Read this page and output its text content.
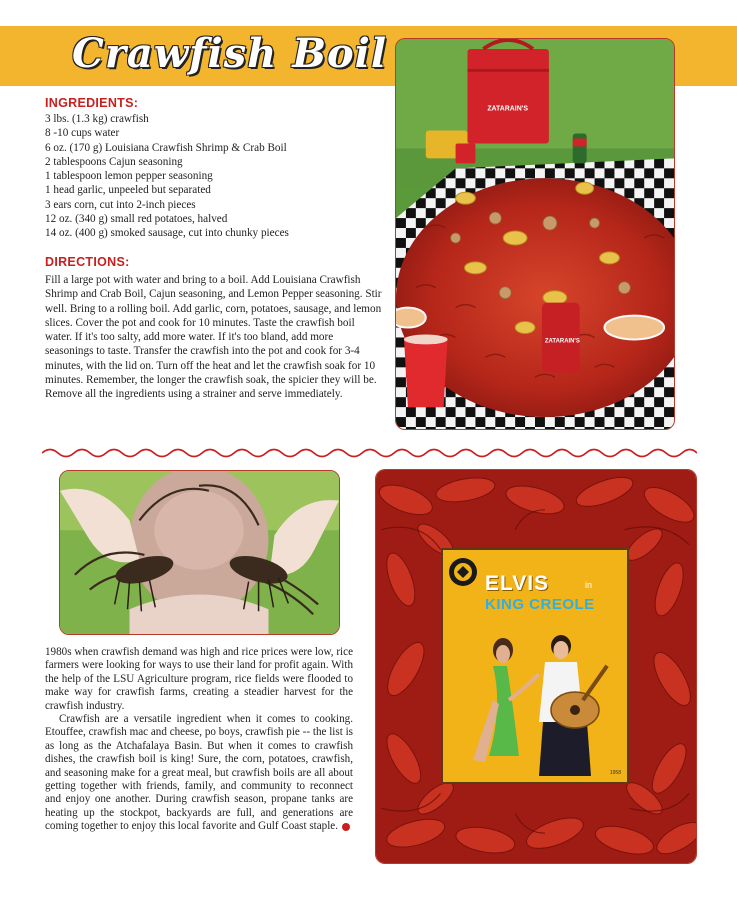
Crawfish Boil
INGREDIENTS:
3 lbs. (1.3 kg) crawfish
8 -10 cups water
6 oz. (170 g) Louisiana Crawfish Shrimp & Crab Boil
2 tablespoons Cajun seasoning
1 tablespoon lemon pepper seasoning
1 head garlic, unpeeled but separated
3 ears corn, cut into 2-inch pieces
12 oz. (340 g) small red potatoes, halved
14 oz. (400 g) smoked sausage, cut into chunky pieces
DIRECTIONS:
Fill a large pot with water and bring to a boil. Add Louisiana Crawfish Shrimp and Crab Boil, Cajun seasoning, and Lemon Pepper seasoning. Stir well. Bring to a rolling boil. Add garlic, corn, potatoes, sausage, and lemon slices. Cover the pot and cook for 10 minutes. Taste the crawfish boil water. If it's too salty, add more water. If it's too bland, add more seasonings to taste. Transfer the crawfish into the pot and cook for 3-4 minutes, with the lid on. Turn off the heat and let the crawfish soak for 10 minutes. Remember, the longer the crawfish soak, the spicier they will be. Remove all the ingredients using a strainer and serve immediately.
ZATARAIN'S
ZATARAIN'S

1980s when crawfish demand was high and rice prices were low, rice farmers were looking for ways to use their land for profit again. With the help of the LSU Agriculture program, rice fields were flooded to make way for crawfish farms, creating a steadier harvest for the crawfish industry.

Crawfish are a versatile ingredient when it comes to cooking. Etouffee, crawfish mac and cheese, po boys, crawfish pie -- the list is as long as the Atchafalaya Basin. But when it comes to crawfish dishes, the crawfish boil is king! Sure, the corn, potatoes, crawfish, and seasoning make for a great meal, but crawfish boils are all about getting together with friends, family, and community to reconnect and enjoy one another. During crawfish season, propane tanks are heating up the stockpot, backyards are full, and generations are coming together to enjoy this local favorite and Gulf Coast staple.

ELVIS	in
KING CREOLE
1958
